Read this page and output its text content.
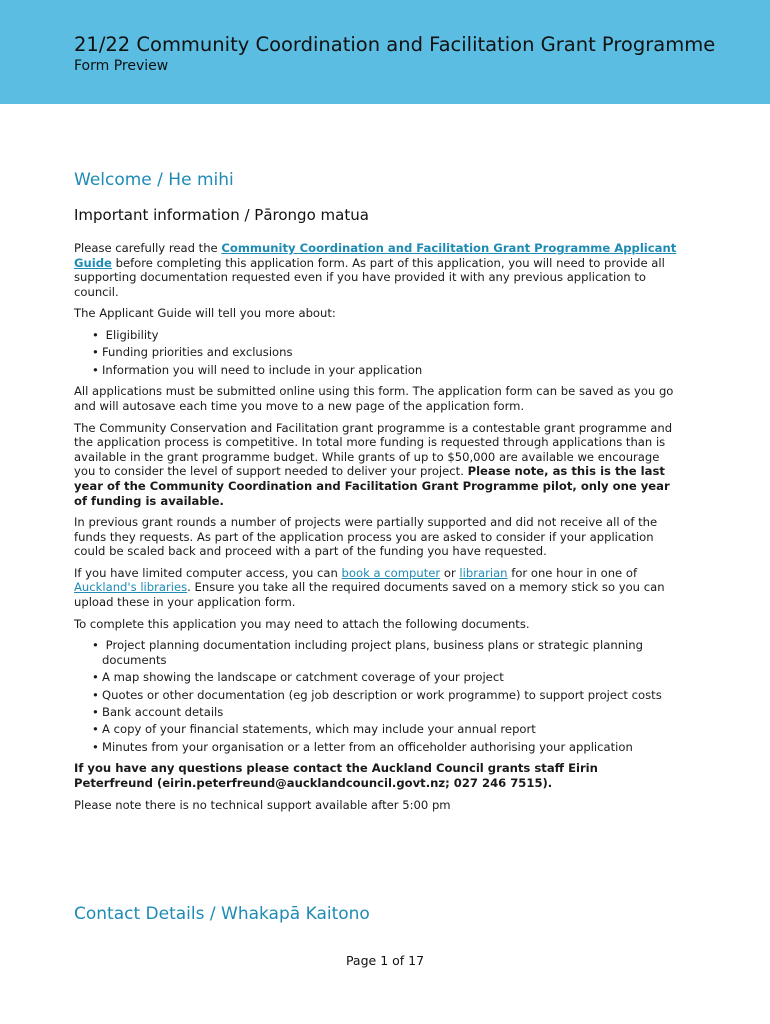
21/22 Community Coordination and Facilitation Grant Programme
Form Preview
Welcome / He mihi
Important information / Pārongo matua

Please carefully read the Community Coordination and Facilitation Grant Programme Applicant Guide before completing this application form. As part of this application, you will need to provide all supporting documentation requested even if you have provided it with any previous application to council.

The Applicant Guide will tell you more about:

• Eligibility
• Funding priorities and exclusions
• Information you will need to include in your application

All applications must be submitted online using this form. The application form can be saved as you go and will autosave each time you move to a new page of the application form.

The Community Conservation and Facilitation grant programme is a contestable grant programme and the application process is competitive. In total more funding is requested through applications than is available in the grant programme budget. While grants of up to $50,000 are available we encourage you to consider the level of support needed to deliver your project. Please note, as this is the last year of the Community Coordination and Facilitation Grant Programme pilot, only one year of funding is available.

In previous grant rounds a number of projects were partially supported and did not receive all of the funds they requests. As part of the application process you are asked to consider if your application could be scaled back and proceed with a part of the funding you have requested.

If you have limited computer access, you can book a computer or librarian for one hour in one of Auckland's libraries. Ensure you take all the required documents saved on a memory stick so you can upload these in your application form.

To complete this application you may need to attach the following documents.

• Project planning documentation including project plans, business plans or strategic planning documents
• A map showing the landscape or catchment coverage of your project
• Quotes or other documentation (eg job description or work programme) to support project costs
• Bank account details
• A copy of your financial statements, which may include your annual report
• Minutes from your organisation or a letter from an officeholder authorising your application

If you have any questions please contact the Auckland Council grants staff Eirin Peterfreund (eirin.peterfreund@aucklandcouncil.govt.nz; 027 246 7515).

Please note there is no technical support available after 5:00 pm

Contact Details / Whakapā Kaitono
Page 1 of 17
